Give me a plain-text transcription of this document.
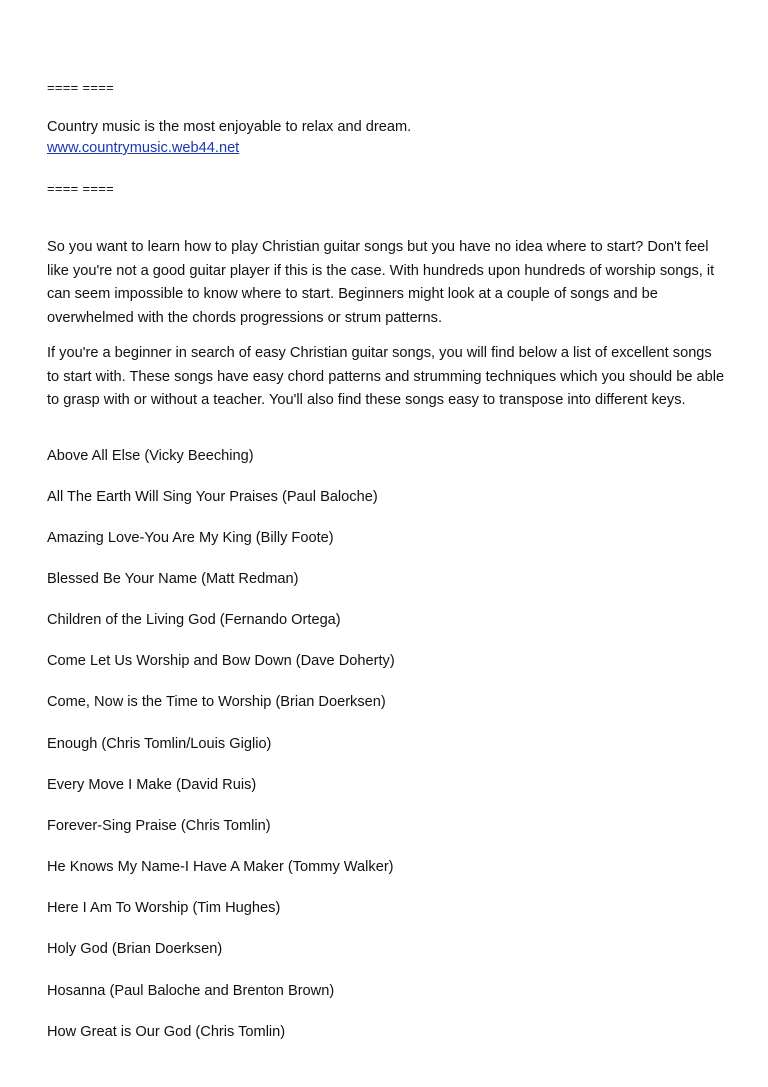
==== ====
Country music is the most enjoyable to relax and dream.
www.countrymusic.web44.net
==== ====

So you want to learn how to play Christian guitar songs but you have no idea where to start? Don't feel like you're not a good guitar player if this is the case. With hundreds upon hundreds of worship songs, it can seem impossible to know where to start. Beginners might look at a couple of songs and be overwhelmed with the chords progressions or strum patterns.

If you're a beginner in search of easy Christian guitar songs, you will find below a list of excellent songs to start with. These songs have easy chord patterns and strumming techniques which you should be able to grasp with or without a teacher. You'll also find these songs easy to transpose into different keys.

Above All Else (Vicky Beeching)
All The Earth Will Sing Your Praises (Paul Baloche)
Amazing Love-You Are My King (Billy Foote)
Blessed Be Your Name (Matt Redman)
Children of the Living God (Fernando Ortega)
Come Let Us Worship and Bow Down (Dave Doherty)
Come, Now is the Time to Worship (Brian Doerksen)
Enough (Chris Tomlin/Louis Giglio)
Every Move I Make (David Ruis)
Forever-Sing Praise (Chris Tomlin)
He Knows My Name-I Have A Maker (Tommy Walker)
Here I Am To Worship (Tim Hughes)
Holy God (Brian Doerksen)
Hosanna (Paul Baloche and Brenton Brown)
How Great is Our God (Chris Tomlin)
